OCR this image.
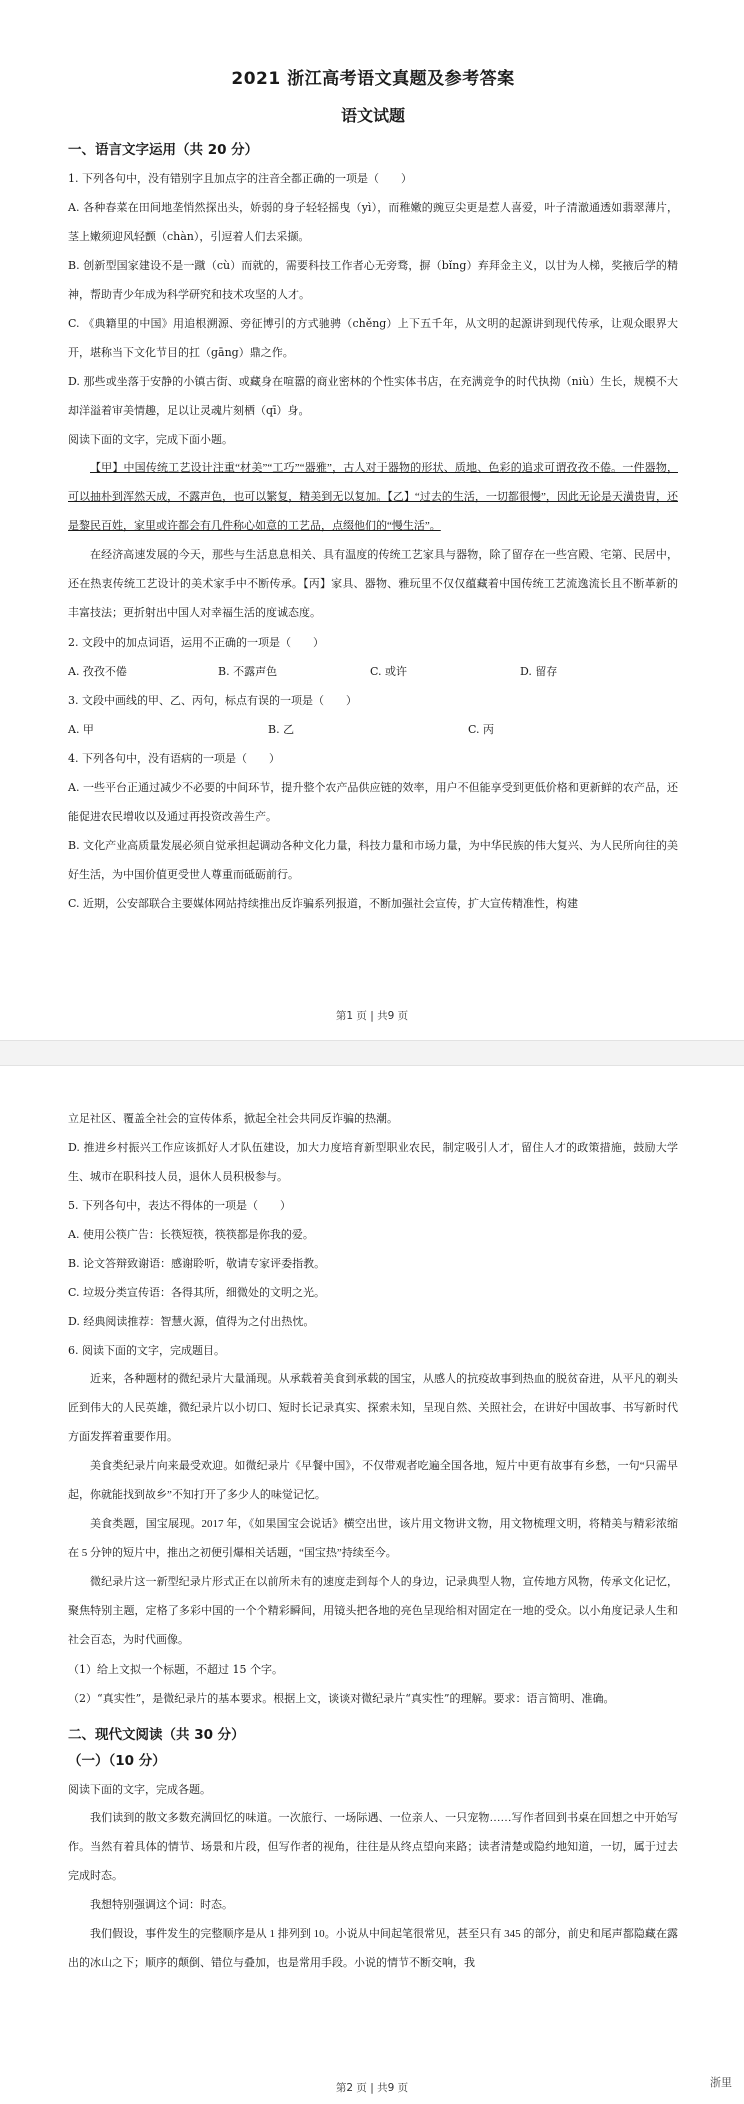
2021 浙江高考语文真题及参考答案
语文试题
一、语言文字运用（共 20 分）

1. 下列各句中，没有错别字且加点字的注音全都正确的一项是（　　）

A. 各种春菜在田间地垄悄然探出头，娇弱的身子轻轻摇曳（yì），而稚嫩的豌豆尖更是惹人喜爱，叶子清澈通透如翡翠薄片，茎上嫩须迎风轻颤（chàn），引逗着人们去采撷。

B. 创新型国家建设不是一蹴（cù）而就的，需要科技工作者心无旁骛，摒（bǐng）弃拜金主义，以甘为人梯，奖掖后学的精神，帮助青少年成为科学研究和技术攻坚的人才。

C. 《典籍里的中国》用追根溯源、旁征博引的方式驰骋（chěng）上下五千年，从文明的起源讲到现代传承，让观众眼界大开，堪称当下文化节目的扛（gāng）鼎之作。

D. 那些或坐落于安静的小镇古街、或藏身在喧嚣的商业密林的个性实体书店，在充满竞争的时代执拗（niù）生长，规模不大却洋溢着审美情趣，足以让灵魂片刻栖（qī）身。

阅读下面的文字，完成下面小题。

【甲】中国传统工艺设计注重“材美”“工巧”“器雅”，古人对于器物的形状、质地、色彩的追求可谓孜孜不倦。一件器物，可以抽朴到浑然天成，不露声色，也可以繁复，精美到无以复加。【乙】“过去的生活，一切都很慢”，因此无论是天潢贵胄，还是黎民百姓，家里或许都会有几件称心如意的工艺品，点缀他们的“慢生活”。

在经济高速发展的今天，那些与生活息息相关、具有温度的传统工艺家具与器物，除了留存在一些宫殿、宅第、民居中，还在热衷传统工艺设计的美术家手中不断传承。【丙】家具、器物、雅玩里不仅仅蕴藏着中国传统工艺流逸流长且不断革新的丰富技法；更折射出中国人对幸福生活的度诚态度。

2. 文段中的加点词语，运用不正确的一项是（　　）

A. 孜孜不倦	B. 不露声色	C. 或许	D. 留存

3. 文段中画线的甲、乙、丙句，标点有误的一项是（　　）

A. 甲	B. 乙	C. 丙

4. 下列各句中，没有语病的一项是（　　）

A. 一些平台正通过减少不必要的中间环节，提升整个农产品供应链的效率，用户不但能享受到更低价格和更新鲜的农产品，还能促进农民增收以及通过再投资改善生产。

B. 文化产业高质量发展必须自觉承担起调动各种文化力量，科技力量和市场力量，为中华民族的伟大复兴、为人民所向往的美好生活，为中国价值更受世人尊重而砥砺前行。

C. 近期，公安部联合主要媒体网站持续推出反诈骗系列报道，不断加强社会宣传，扩大宣传精准性，构建

第1 页 | 共9 页

立足社区、覆盖全社会的宣传体系，掀起全社会共同反诈骗的热潮。

D. 推进乡村振兴工作应该抓好人才队伍建设，加大力度培育新型职业农民，制定吸引人才，留住人才的政策措施，鼓励大学生、城市在职科技人员，退休人员积极参与。

5. 下列各句中，表达不得体的一项是（　　）

A. 使用公筷广告：长筷短筷，筷筷都是你我的爱。

B. 论文答辩致谢语：感谢聆听，敬请专家评委指教。

C. 垃圾分类宣传语：各得其所，细微处的文明之光。

D. 经典阅读推荐：智慧火源，值得为之付出热忱。

6. 阅读下面的文字，完成题目。

近来，各种题材的微纪录片大量涌现。从承载着美食到承载的国宝，从感人的抗疫故事到热血的脱贫奋进，从平凡的剃头匠到伟大的人民英雄，微纪录片以小切口、短时长记录真实、探索未知，呈现自然、关照社会，在讲好中国故事、书写新时代方面发挥着重要作用。

美食类纪录片向来最受欢迎。如微纪录片《早餐中国》，不仅带观者吃遍全国各地，短片中更有故事有乡愁，一句“只需早起，你就能找到故乡”不知打开了多少人的味觉记忆。

美食类题，国宝展现。2017 年，《如果国宝会说话》横空出世，该片用文物讲文物，用文物梳理文明，将精美与精彩浓缩在 5 分钟的短片中，推出之初便引爆相关话题，“国宝热”持续至今。

微纪录片这一新型纪录片形式正在以前所未有的速度走到每个人的身边，记录典型人物，宣传地方风物，传承文化记忆，聚焦特别主题，定格了多彩中国的一个个精彩瞬间，用镜头把各地的亮色呈现给相对固定在一地的受众。以小角度记录人生和社会百态，为时代画像。

（1）给上文拟一个标题，不超过 15 个字。

（2）“真实性”，是微纪录片的基本要求。根据上文，谈谈对微纪录片“真实性”的理解。要求：语言简明、准确。

二、现代文阅读（共 30 分）
（一）（10 分）

阅读下面的文字，完成各题。

我们读到的散文多数充满回忆的味道。一次旅行、一场际遇、一位亲人、一只宠物……写作者回到书桌在回想之中开始写作。当然有着具体的情节、场景和片段，但写作者的视角，往往是从终点望向来路；读者清楚或隐约地知道，一切，属于过去完成时态。

我想特别强调这个词：时态。

我们假设，事件发生的完整顺序是从 1 排列到 10。小说从中间起笔很常见，甚至只有 345 的部分，前史和尾声都隐藏在露出的冰山之下；顺序的颠倒、错位与叠加，也是常用手段。小说的情节不断交响，我

第2 页 | 共9 页	浙里
